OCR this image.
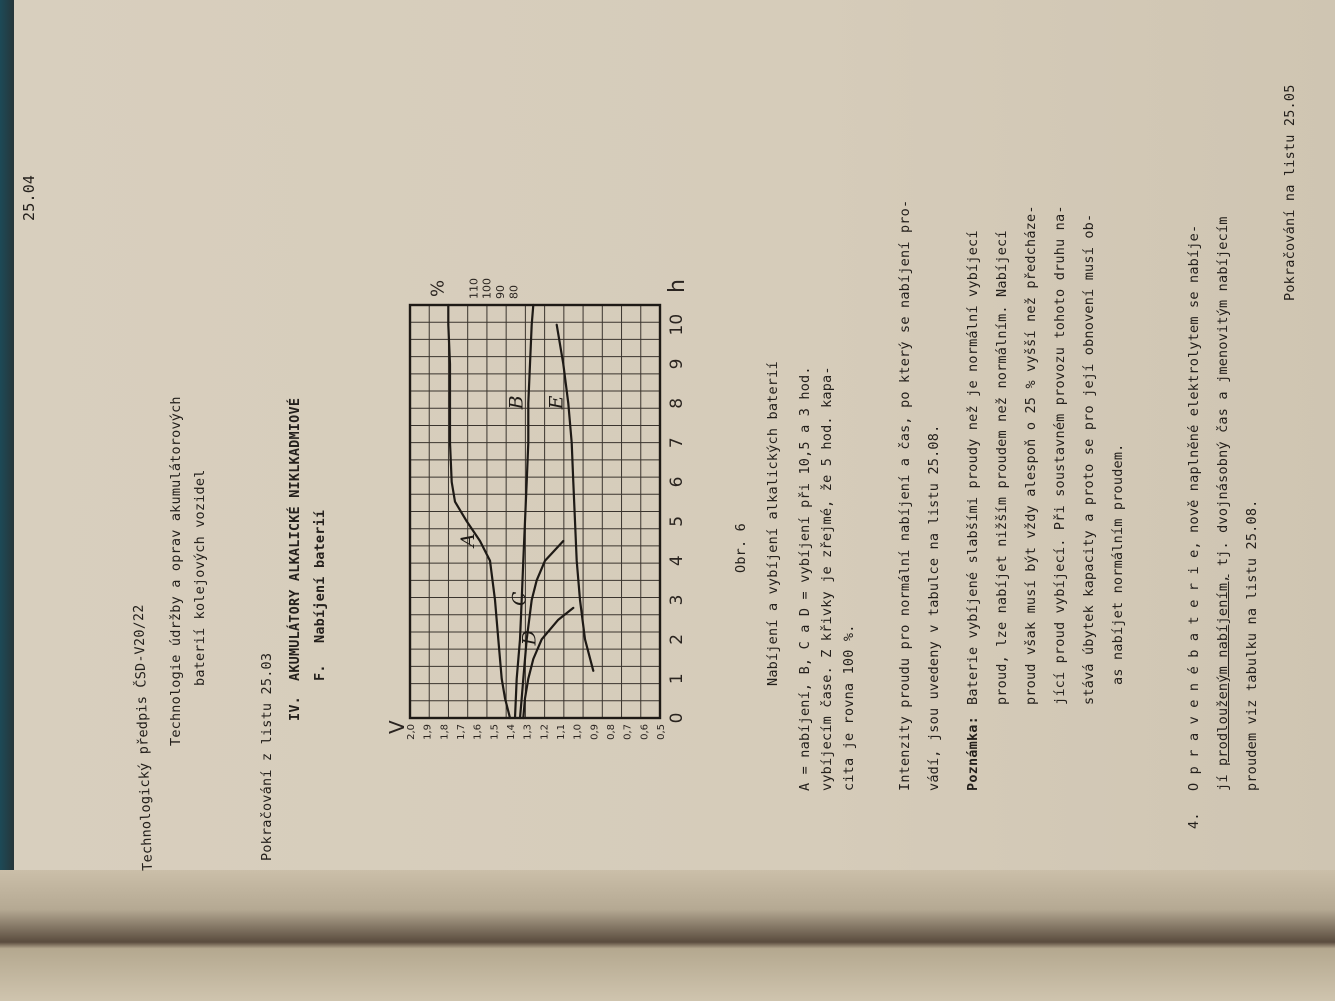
25.04
Technologický předpis ČSD-V20/22 Technologie údržby a oprav akumulátorových baterií kolejových vozidel
Pokračování z listu 25.03 IV.
AKUMULÁTORY ALKALICKÉ NIKLKADMIOVÉ F.
Nabíjení baterií
0
1
2
3
4
5
6
7
8
9
10
h
2,0 1,9 1,8 1,7 1,6 1,5 1,4 1,3 1,2 1,1 1,0 0,9 0,8 0,7 0,6 0,5
V
110 100 90 80
%
A
B
C
D
E
Obr. 6 Nabíjení a vybíjení alkalických baterií A = nabíjení, B, C a D = vybíjení při 10,5 a 3 hod. vybíjecím čase. Z křivky je zřejmé, že 5 hod. kapa- cita je rovna 100 %.	Intenzity proudu pro normální nabíjení a čas, po který se nabíjení pro- vádí, jsou uvedeny v tabulce na listu 25.08. Poznámka:
Baterie vybíjené slabšími proudy než je normální vybíjecí proud, lze nabíjet nižším proudem než normálním. Nabíjecí proud však musí být vždy alespoň o 25 % vyšší než předcháze- jící proud vybíjecí. Při soustavném provozu tohoto druhu na- stává úbytek kapacity a proto se pro její obnovení musí ob- as nabíjet normálním proudem.
4.
O p r a v e n é b a t e r i e, nově naplněné elektrolytem se nabíje-
jí prodlouženým nabíjením, tj. dvojnásobný čas a jmenovitým nabíjecím
proudem viz tabulku na listu 25.08.
Pokračování na listu 25.05
